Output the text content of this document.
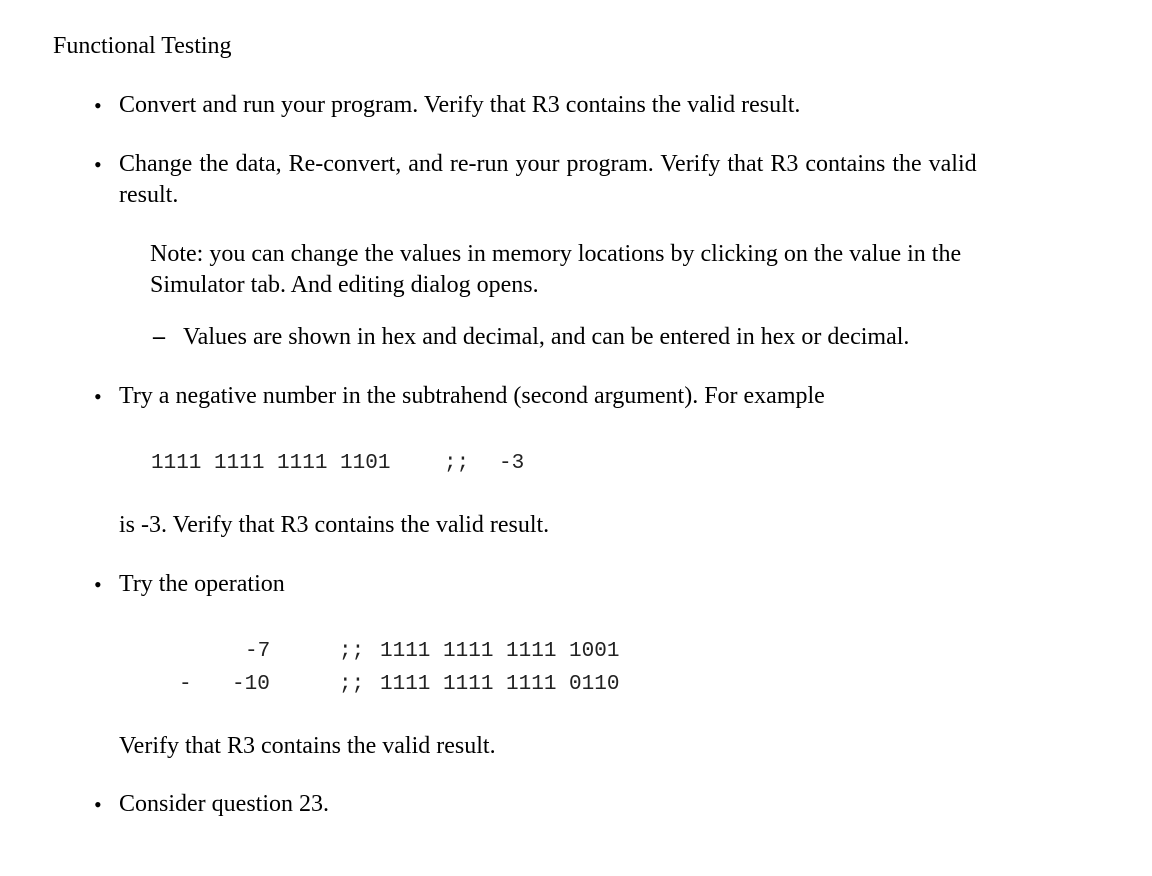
Functional Testing
• Convert and run your program. Verify that R3 contains the valid result.
• Change the data, Re-convert, and re-run your program. Verify that R3 contains the valid
result.
Note: you can change the values in memory locations by clicking on the value in the
Simulator tab. And editing dialog opens.
– Values are shown in hex and decimal, and can be entered in hex or decimal.
• Try a negative number in the subtrahend (second argument). For example
1111 1111 1111 1101	;; -3
is -3. Verify that R3 contains the valid result.
• Try the operation
-7	;; 1111 1111 1111 1001
- -10	;; 1111 1111 1111 0110
Verify that R3 contains the valid result.
• Consider question 23.
